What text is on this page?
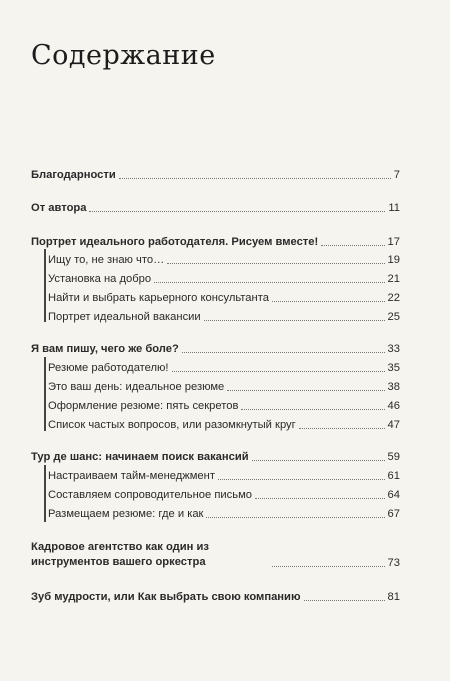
Содержание
Благодарности	7
От автора	11
Портрет идеального работодателя. Рисуем вместе!	17
Ищу то, не знаю что…	19
Установка на добро	21
Найти и выбрать карьерного консультанта	22
Портрет идеальной вакансии	25
Я вам пишу, чего же боле?	33
Резюме работодателю!	35
Это ваш день: идеальное резюме	38
Оформление резюме: пять секретов	46
Список частых вопросов, или разомкнутый круг	47
Тур де шанс: начинаем поиск вакансий	59
Настраиваем тайм-менеджмент	61
Составляем сопроводительное письмо	64
Размещаем резюме: где и как	67
Кадровое агентство как один из инструментов вашего оркестра	73
Зуб мудрости, или Как выбрать свою компанию	81
